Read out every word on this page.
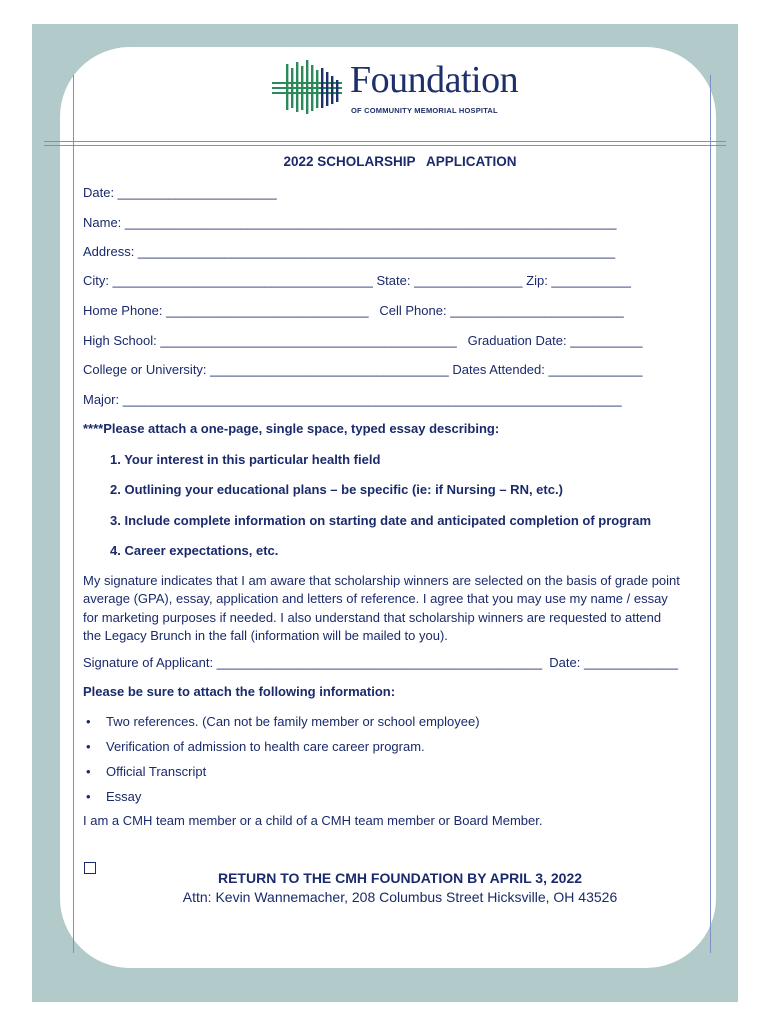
Foundation
OF COMMUNITY MEMORIAL HOSPITAL
2022 SCHOLARSHIP   APPLICATION
Date: ______________________
Name: ____________________________________________________________________
Address: __________________________________________________________________
City: ____________________________________ State: _______________ Zip: ___________
Home Phone: ____________________________   Cell Phone: ________________________
High School: _________________________________________   Graduation Date: __________
College or University: _________________________________ Dates Attended: _____________
Major: _____________________________________________________________________
****Please attach a one-page, single space, typed essay describing:
1. Your interest in this particular health field
2. Outlining your educational plans – be specific (ie: if Nursing – RN, etc.)
3. Include complete information on starting date and anticipated completion of program
4. Career expectations, etc.
My signature indicates that I am aware that scholarship winners are selected on the basis of grade point
average (GPA), essay, application and letters of reference. I agree that you may use my name / essay
for marketing purposes if needed. I also understand that scholarship winners are requested to attend
the Legacy Brunch in the fall (information will be mailed to you).
Signature of Applicant: _____________________________________________  Date: _____________
Please be sure to attach the following information:
• Two references. (Can not be family member or school employee)
• Verification of admission to health care career program.
• Official Transcript
• Essay
I am a CMH team member or a child of a CMH team member or Board Member.
RETURN TO THE CMH FOUNDATION BY APRIL 3, 2022
Attn: Kevin Wannemacher, 208 Columbus Street Hicksville, OH 43526
